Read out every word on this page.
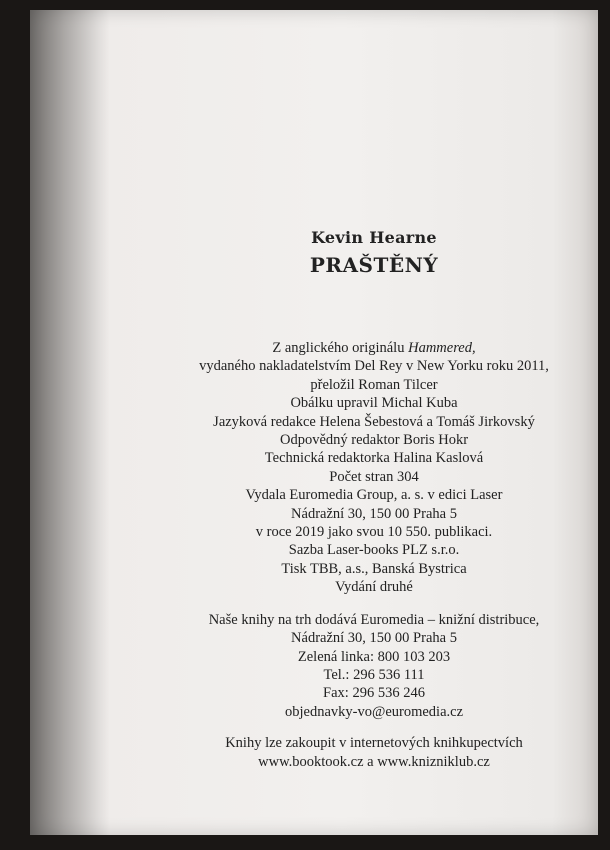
Kevin Hearne

PRAŠTĚNÝ

Z anglického originálu Hammered,
vydaného nakladatelstvím Del Rey v New Yorku roku 2011,
přeložil Roman Tilcer
Obálku upravil Michal Kuba
Jazyková redakce Helena Šebestová a Tomáš Jirkovský
Odpovědný redaktor Boris Hokr
Technická redaktorka Halina Kaslová
Počet stran 304
Vydala Euromedia Group, a. s. v edici Laser
Nádražní 30, 150 00 Praha 5
v roce 2019 jako svou 10 550. publikaci.
Sazba Laser-books PLZ s.r.o.
Tisk TBB, a.s., Banská Bystrica
Vydání druhé
Naše knihy na trh dodává Euromedia – knižní distribuce,
Nádražní 30, 150 00 Praha 5
Zelená linka: 800 103 203
Tel.: 296 536 111
Fax: 296 536 246
objednavky-vo@euromedia.cz
Knihy lze zakoupit v internetových knihkupectvích
www.booktook.cz a www.knizniklub.cz
